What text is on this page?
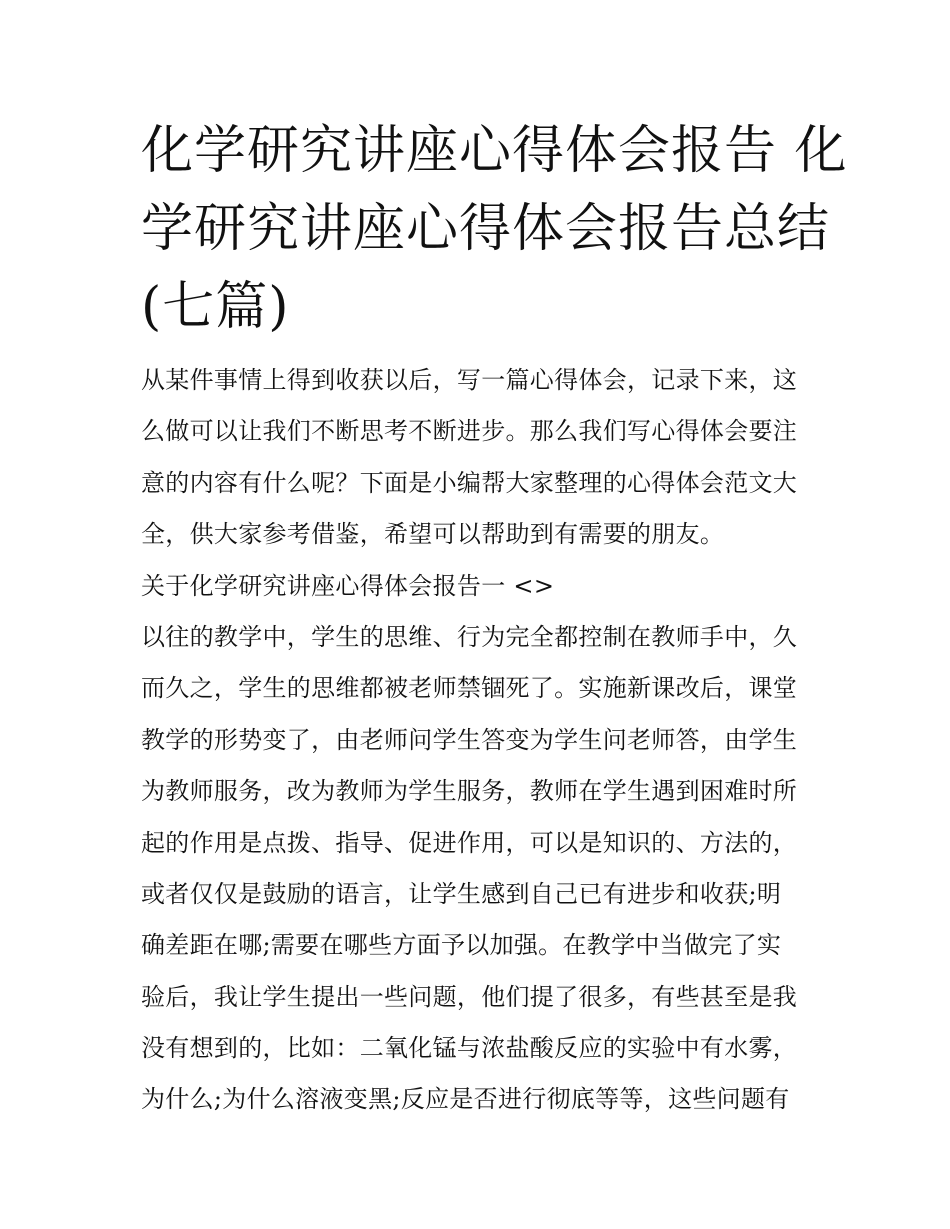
化学研究讲座心得体会报告 化
学研究讲座心得体会报告总结
(七篇)
从某件事情上得到收获以后，写一篇心得体会，记录下来，这
么做可以让我们不断思考不断进步。那么我们写心得体会要注
意的内容有什么呢？下面是小编帮大家整理的心得体会范文大
全，供大家参考借鉴，希望可以帮助到有需要的朋友。
关于化学研究讲座心得体会报告一 <>
以往的教学中，学生的思维、行为完全都控制在教师手中，久
而久之，学生的思维都被老师禁锢死了。实施新课改后，课堂
教学的形势变了，由老师问学生答变为学生问老师答，由学生
为教师服务，改为教师为学生服务，教师在学生遇到困难时所
起的作用是点拨、指导、促进作用，可以是知识的、方法的，
或者仅仅是鼓励的语言，让学生感到自己已有进步和收获;明
确差距在哪;需要在哪些方面予以加强。在教学中当做完了实
验后，我让学生提出一些问题，他们提了很多，有些甚至是我
没有想到的，比如：二氧化锰与浓盐酸反应的实验中有水雾，
为什么;为什么溶液变黑;反应是否进行彻底等等，这些问题有
